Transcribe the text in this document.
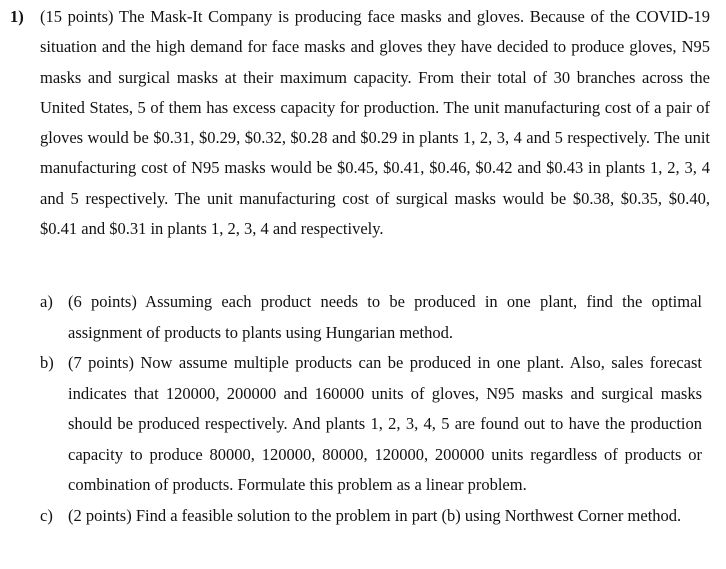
1) (15 points) The Mask-It Company is producing face masks and gloves. Because of the COVID-19 situation and the high demand for face masks and gloves they have decided to produce gloves, N95 masks and surgical masks at their maximum capacity. From their total of 30 branches across the United States, 5 of them has excess capacity for production. The unit manufacturing cost of a pair of gloves would be $0.31, $0.29, $0.32, $0.28 and $0.29 in plants 1, 2, 3, 4 and 5 respectively. The unit manufacturing cost of N95 masks would be $0.45, $0.41, $0.46, $0.42 and $0.43 in plants 1, 2, 3, 4 and 5 respectively. The unit manufacturing cost of surgical masks would be $0.38, $0.35, $0.40, $0.41 and $0.31 in plants 1, 2, 3, 4 and respectively.
a) (6 points) Assuming each product needs to be produced in one plant, find the optimal assignment of products to plants using Hungarian method.
b) (7 points) Now assume multiple products can be produced in one plant. Also, sales forecast indicates that 120000, 200000 and 160000 units of gloves, N95 masks and surgical masks should be produced respectively. And plants 1, 2, 3, 4, 5 are found out to have the production capacity to produce 80000, 120000, 80000, 120000, 200000 units regardless of products or combination of products. Formulate this problem as a linear problem.
c) (2 points) Find a feasible solution to the problem in part (b) using Northwest Corner method.
